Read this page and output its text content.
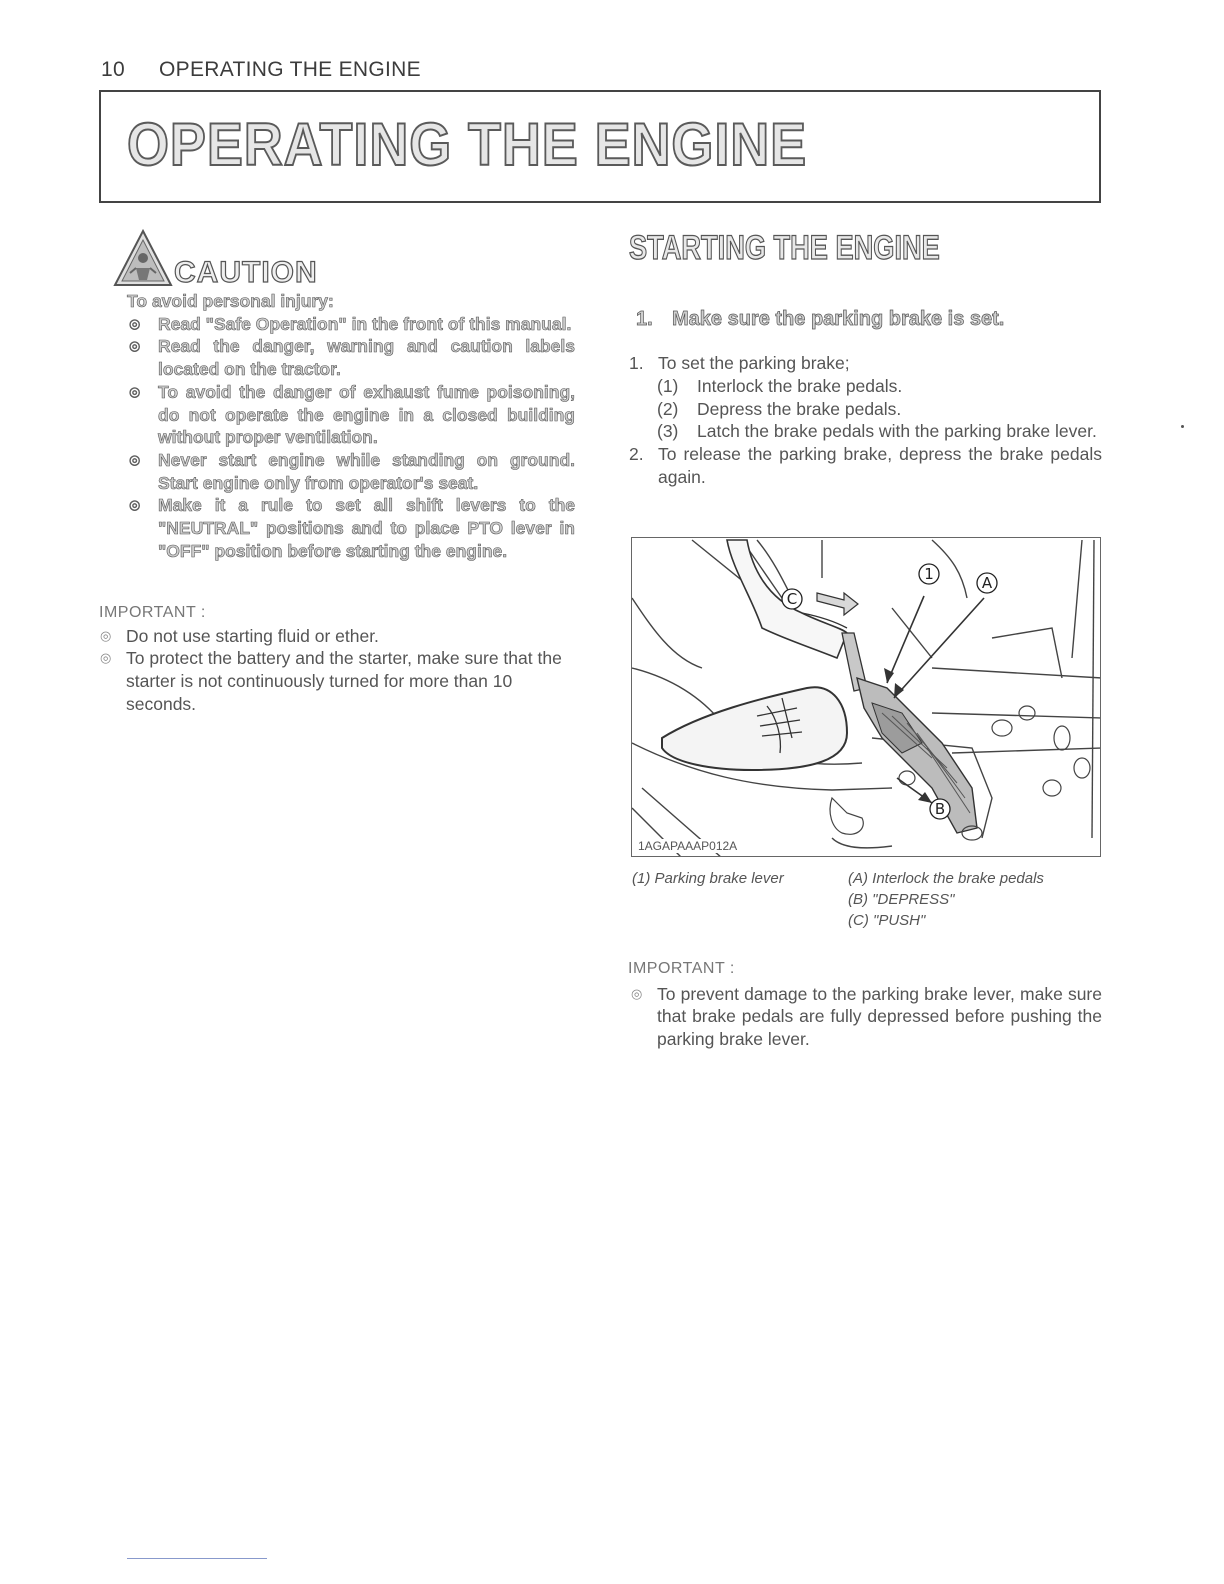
10 OPERATING THE ENGINE
OPERATING THE ENGINE
CAUTION
To avoid personal injury:
◎ Read "Safe Operation" in the front of this manual.
◎ Read the danger, warning and caution labels located on the tractor.
◎ To avoid the danger of exhaust fume poisoning, do not operate the engine in a closed building without proper ventilation.
◎ Never start engine while standing on ground. Start engine only from operator's seat.
◎ Make it a rule to set all shift levers to the "NEUTRAL" positions and to place PTO lever in "OFF" position before starting the engine.
IMPORTANT :
◎ Do not use starting fluid or ether.
◎ To protect the battery and the starter, make sure that the starter is not continuously turned for more than 10 seconds.
STARTING THE ENGINE
1. Make sure the parking brake is set.
1. To set the parking brake;
(1) Interlock the brake pedals.
(2) Depress the brake pedals.
(3) Latch the brake pedals with the parking brake lever.
2. To release the parking brake, depress the brake pedals again.
1	A
B
C
1AGAPAAAP012A
(1) Parking brake lever	(A) Interlock the brake pedals
(B) "DEPRESS"
(C) "PUSH"
IMPORTANT :
◎ To prevent damage to the parking brake lever, make sure that brake pedals are fully depressed before pushing the parking brake lever.
